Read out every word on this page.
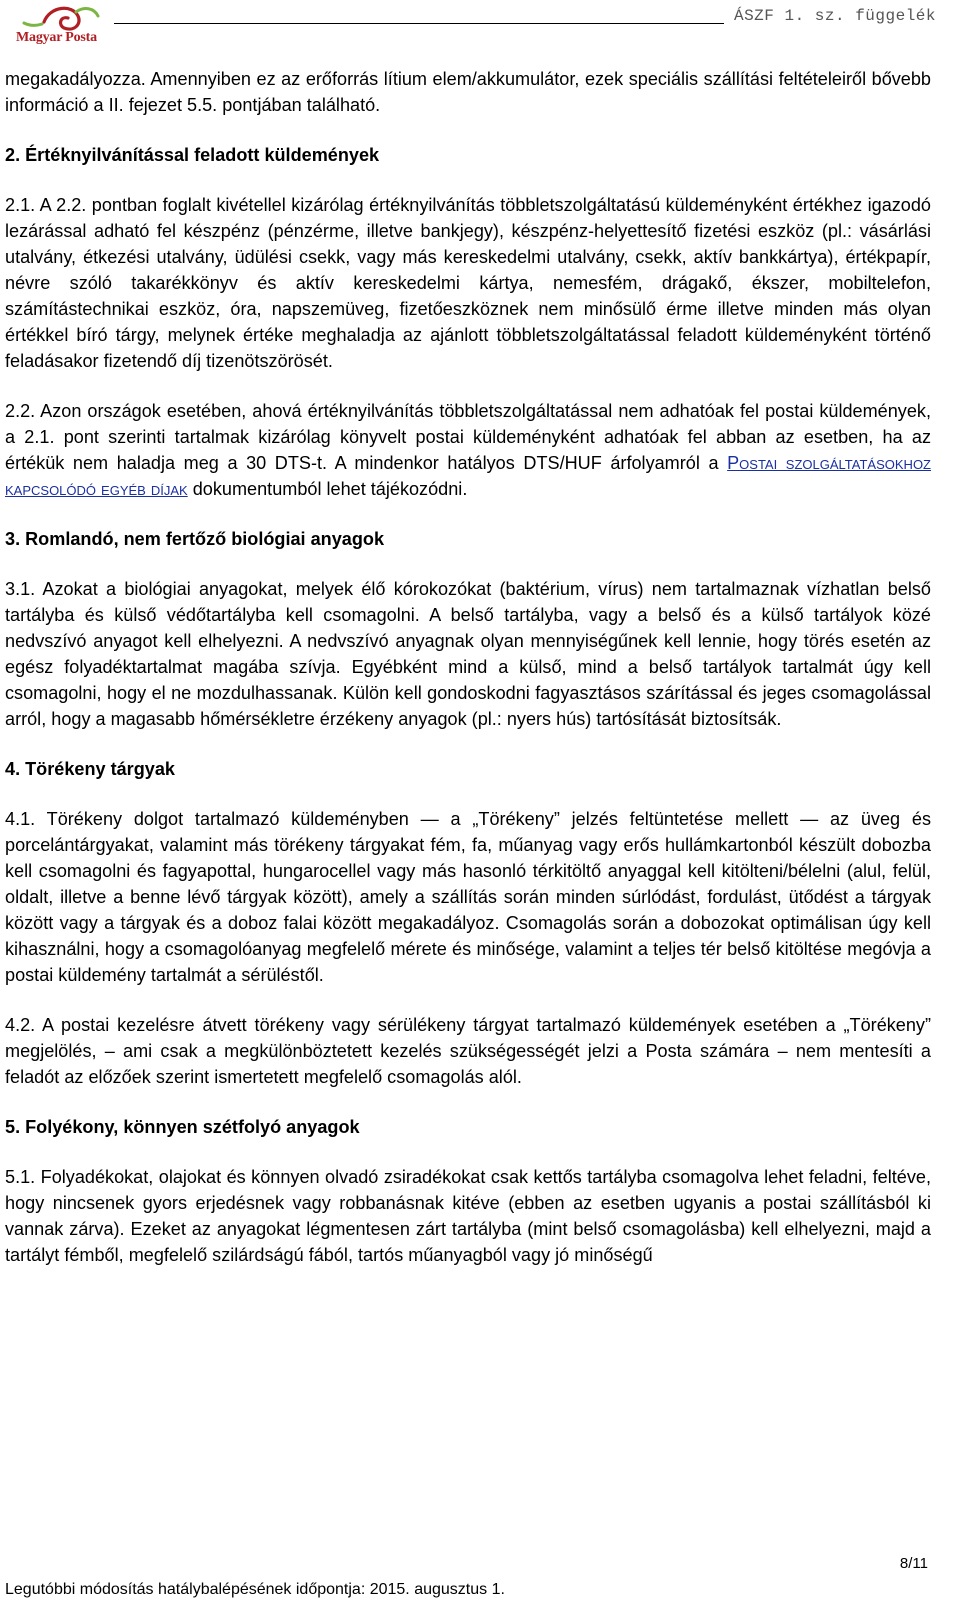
Magyar Posta
ÁSZF 1. sz. függelék

megakadályozza. Amennyiben ez az erőforrás lítium elem/akkumulátor, ezek speciális szállítási feltételeiről bővebb információ a II. fejezet 5.5. pontjában található.

2. Értéknyilvánítással feladott küldemények

2.1. A 2.2. pontban foglalt kivétellel kizárólag értéknyilvánítás többletszolgáltatású küldeményként értékhez igazodó lezárással adható fel készpénz (pénzérme, illetve bankjegy), készpénz-helyettesítő fizetési eszköz (pl.: vásárlási utalvány, étkezési utalvány, üdülési csekk, vagy más kereskedelmi utalvány, csekk, aktív bankkártya), értékpapír, névre szóló takarékkönyv és aktív kereskedelmi kártya, nemesfém, drágakő, ékszer, mobiltelefon, számítástechnikai eszköz, óra, napszemüveg, fizetőeszköznek nem minősülő érme illetve minden más olyan értékkel bíró tárgy, melynek értéke meghaladja az ajánlott többletszolgáltatással feladott küldeményként történő feladásakor fizetendő díj tizenötszörösét.

2.2. Azon országok esetében, ahová értéknyilvánítás többletszolgáltatással nem adhatóak fel postai küldemények, a 2.1. pont szerinti tartalmak kizárólag könyvelt postai küldeményként adhatóak fel abban az esetben, ha az értékük nem haladja meg a 30 DTS-t. A mindenkor hatályos DTS/HUF árfolyamról a Postai szolgáltatásokhoz kapcsolódó egyéb díjak dokumentumból lehet tájékozódni.

3. Romlandó, nem fertőző biológiai anyagok

3.1. Azokat a biológiai anyagokat, melyek élő kórokozókat (baktérium, vírus) nem tartalmaznak vízhatlan belső tartályba és külső védőtartályba kell csomagolni. A belső tartályba, vagy a belső és a külső tartályok közé nedvszívó anyagot kell elhelyezni. A nedvszívó anyagnak olyan mennyiségűnek kell lennie, hogy törés esetén az egész folyadéktartalmat magába szívja. Egyébként mind a külső, mind a belső tartályok tartalmát úgy kell csomagolni, hogy el ne mozdulhassanak. Külön kell gondoskodni fagyasztásos szárítással és jeges csomagolással arról, hogy a magasabb hőmérsékletre érzékeny anyagok (pl.: nyers hús) tartósítását biztosítsák.

4. Törékeny tárgyak

4.1. Törékeny dolgot tartalmazó küldeményben — a „Törékeny” jelzés feltüntetése mellett — az üveg és porcelántárgyakat, valamint más törékeny tárgyakat fém, fa, műanyag vagy erős hullámkartonból készült dobozba kell csomagolni és fagyapottal, hungarocellel vagy más hasonló térkitöltő anyaggal kell kitölteni/bélelni (alul, felül, oldalt, illetve a benne lévő tárgyak között), amely a szállítás során minden súrlódást, fordulást, ütődést a tárgyak között vagy a tárgyak és a doboz falai között megakadályoz. Csomagolás során a dobozokat optimálisan úgy kell kihasználni, hogy a csomagolóanyag megfelelő mérete és minősége, valamint a teljes tér belső kitöltése megóvja a postai küldemény tartalmát a sérüléstől.

4.2. A postai kezelésre átvett törékeny vagy sérülékeny tárgyat tartalmazó küldemények esetében a „Törékeny” megjelölés, – ami csak a megkülönböztetett kezelés szükségességét jelzi a Posta számára – nem mentesíti a feladót az előzőek szerint ismertetett megfelelő csomagolás alól.

5. Folyékony, könnyen szétfolyó anyagok

5.1. Folyadékokat, olajokat és könnyen olvadó zsiradékokat csak kettős tartályba csomagolva lehet feladni, feltéve, hogy nincsenek gyors erjedésnek vagy robbanásnak kitéve (ebben az esetben ugyanis a postai szállításból ki vannak zárva). Ezeket az anyagokat légmentesen zárt tartályba (mint belső csomagolásba) kell elhelyezni, majd a tartályt fémből, megfelelő szilárdságú fából, tartós műanyagból vagy jó minőségű

8/11
Legutóbbi módosítás hatálybalépésének időpontja: 2015. augusztus 1.
